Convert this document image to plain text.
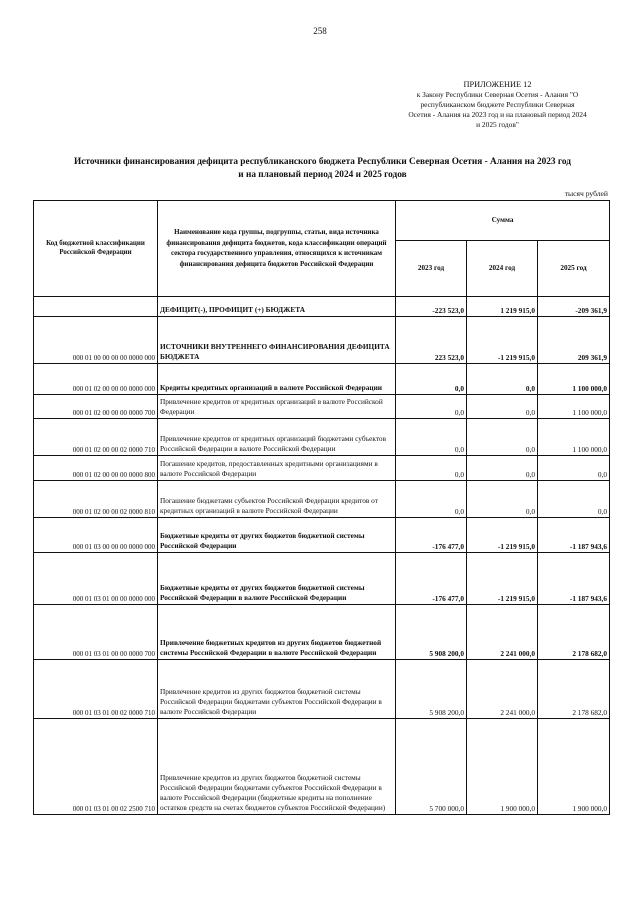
258
ПРИЛОЖЕНИЕ 12
к Закону Республики Северная Осетия - Алания "О
республиканском бюджете Республики Северная
Осетия - Алания на 2023 год и на плановый период 2024
и 2025 годов"
Источники финансирования дефицита республиканского бюджета Республики Северная Осетия - Алания на 2023 год
и на плановый период 2024 и 2025 годов
тысяч рублей
Код бюджетной классификации Российской Федерации	Наименование кода группы, подгруппы, статьи, вида источника финансирования дефицита бюджетов, кода классификации операций сектора государственного управления, относящихся к источникам финансирования дефицита бюджетов Российской Федерации	Сумма		
		2023 год	2024 год	2025 год
	ДЕФИЦИТ(-), ПРОФИЦИТ (+) БЮДЖЕТА	-223 523,0	1 219 915,0	-209 361,9
000 01 00 00 00 00 0000 000	ИСТОЧНИКИ ВНУТРЕННЕГО ФИНАНСИРОВАНИЯ ДЕФИЦИТА БЮДЖЕТА	223 523,0	-1 219 915,0	209 361,9
000 01 02 00 00 00 0000 000	Кредиты кредитных организаций в валюте Российской Федерации	0,0	0,0	1 100 000,0
000 01 02 00 00 00 0000 700	Привлечение кредитов от кредитных организаций в валюте Российской Федерации	0,0	0,0	1 100 000,0
000 01 02 00 00 02 0000 710	Привлечение кредитов от кредитных организаций бюджетами субъектов Российской Федерации в валюте Российской Федерации	0,0	0,0	1 100 000,0
000 01 02 00 00 00 0000 800	Погашение кредитов, предоставленных кредитными организациями в валюте Российской Федерации	0,0	0,0	0,0
000 01 02 00 00 02 0000 810	Погашение бюджетами субъектов Российской Федерации кредитов от кредитных организаций в валюте Российской Федерации	0,0	0,0	0,0
000 01 03 00 00 00 0000 000	Бюджетные кредиты от других бюджетов бюджетной системы Российской Федерации	-176 477,0	-1 219 915,0	-1 187 943,6
000 01 03 01 00 00 0000 000	Бюджетные кредиты от других бюджетов бюджетной системы Российской Федерации в валюте Российской Федерации	-176 477,0	-1 219 915,0	-1 187 943,6
000 01 03 01 00 00 0000 700	Привлечение бюджетных кредитов из других бюджетов бюджетной системы Российской Федерации в валюте Российской Федерации	5 908 200,0	2 241 000,0	2 178 682,0
000 01 03 01 00 02 0000 710	Привлечение кредитов из других бюджетов бюджетной системы Российской Федерации бюджетами субъектов Российской Федерации в валюте Российской Федерации	5 908 200,0	2 241 000,0	2 178 682,0
000 01 03 01 00 02 2500 710	Привлечение кредитов из других бюджетов бюджетной системы Российской Федерации бюджетами субъектов Российской Федерации в валюте Российской Федерации (бюджетные кредиты на пополнение остатков средств на счетах бюджетов субъектов Российской Федерации)	5 700 000,0	1 900 000,0	1 900 000,0
